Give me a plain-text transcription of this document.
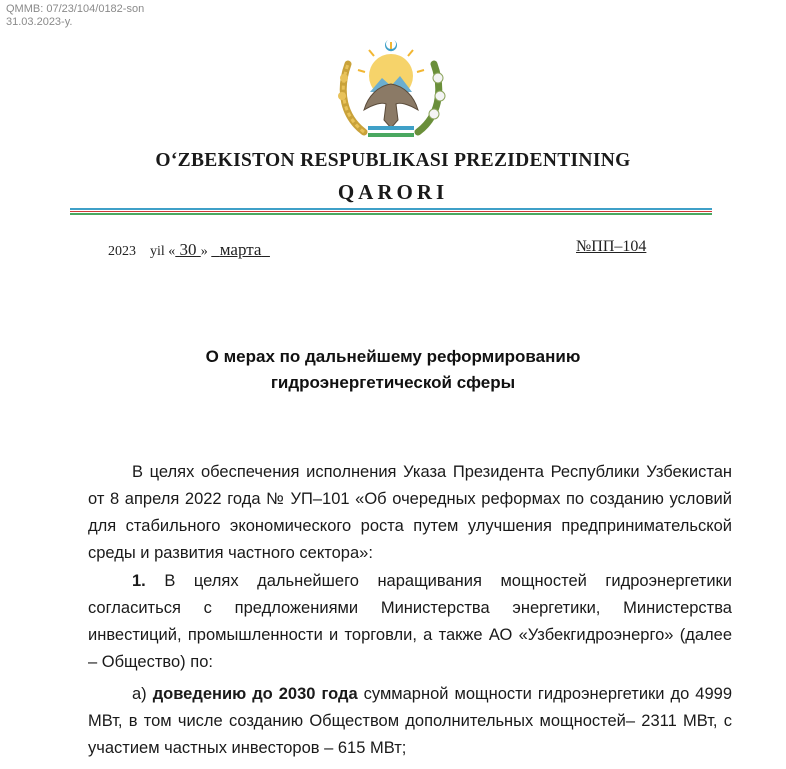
QMMB: 07/23/104/0182-son
31.03.2023-y.
O‘ZBEKISTON RESPUBLIKASI PREZIDENTINING
QARORI
2023 yil « 30 » марта	№ПП–104
О мерах по дальнейшему реформированию
гидроэнергетической сферы

В целях обеспечения исполнения Указа Президента Республики Узбекистан от 8 апреля 2022 года № УП–101 «Об очередных реформах по созданию условий для стабильного экономического роста путем улучшения предпринимательской среды и развития частного сектора»:

1. В целях дальнейшего наращивания мощностей гидроэнергетики согласиться с предложениями Министерства энергетики, Министерства инвестиций, промышленности и торговли, а также АО «Узбекгидроэнерго» (далее – Общество) по:

а) доведению до 2030 года суммарной мощности гидроэнергетики до 4999 МВт, в том числе созданию Обществом дополнительных мощностей– 2311 МВт, с участием частных инвесторов – 615 МВт;
